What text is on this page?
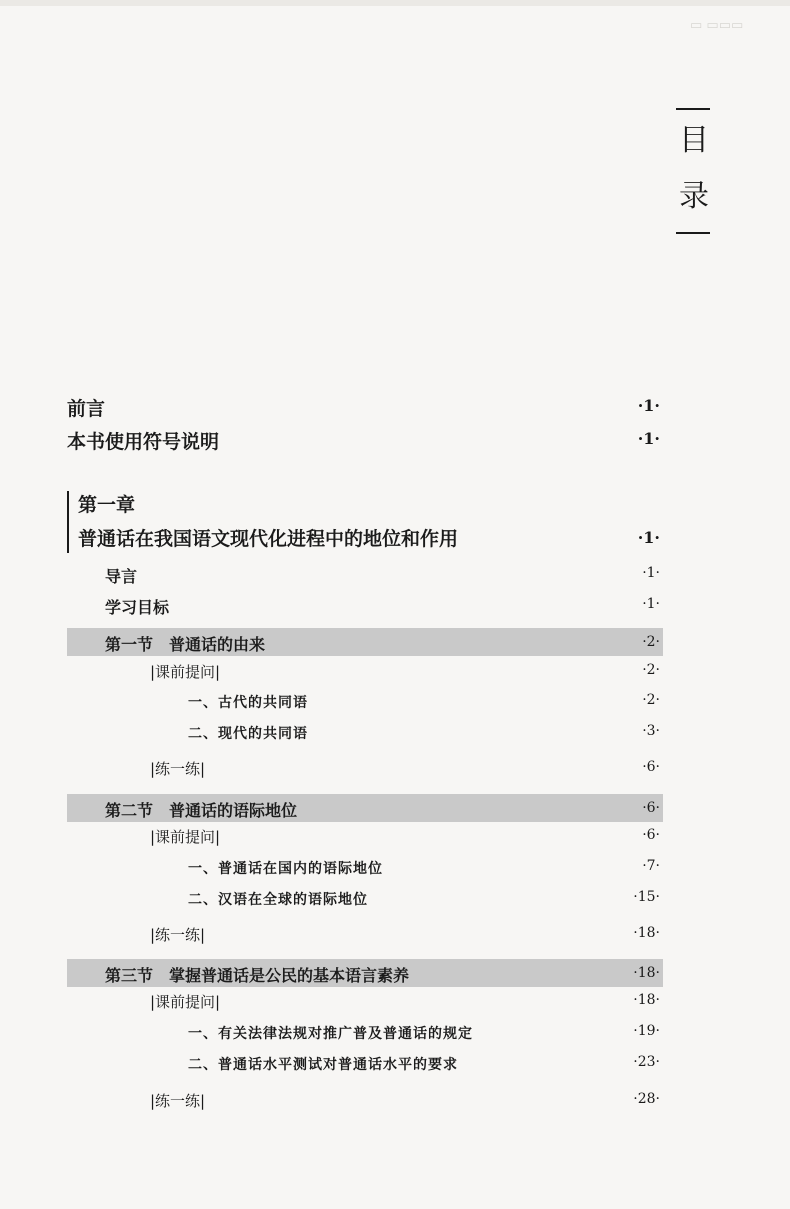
▭ ▭▭▭
目
录
前言	·1·
本书使用符号说明	·1·
第一章
普通话在我国语文现代化进程中的地位和作用	·1·
导言	·1·
学习目标	·1·
第一节　普通话的由来	·2·
|课前提问|	·2·
一、古代的共同语	·2·
二、现代的共同语	·3·
|练一练|	·6·
第二节　普通话的语际地位	·6·
|课前提问|	·6·
一、普通话在国内的语际地位	·7·
二、汉语在全球的语际地位	·15·
|练一练|	·18·
第三节　掌握普通话是公民的基本语言素养	·18·
|课前提问|	·18·
一、有关法律法规对推广普及普通话的规定	·19·
二、普通话水平测试对普通话水平的要求	·23·
|练一练|	·28·
